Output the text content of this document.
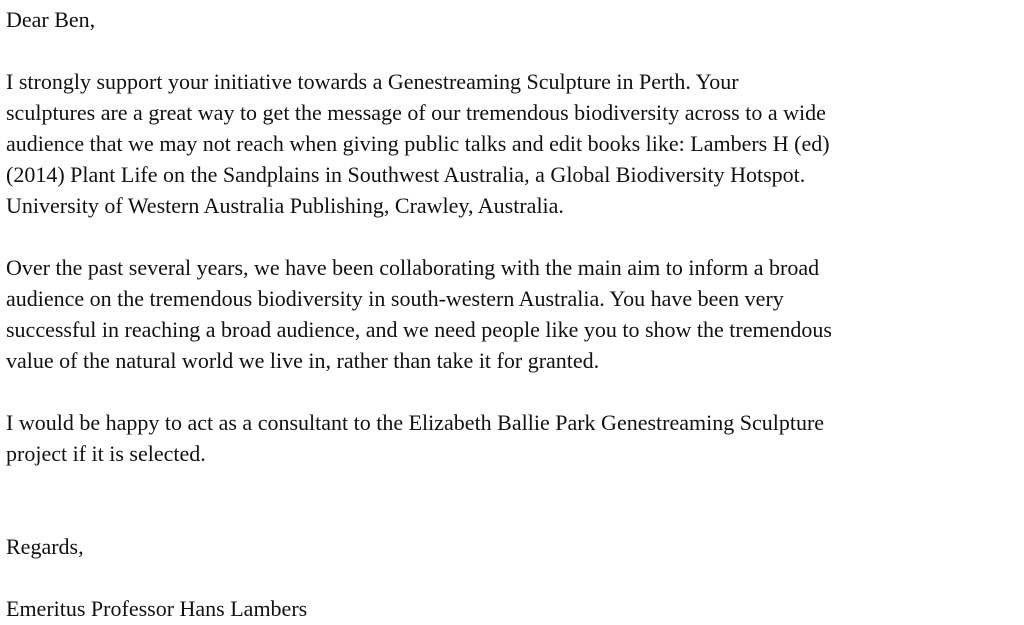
Dear Ben,
I strongly support your initiative towards a Genestreaming Sculpture in Perth. Your
sculptures are a great way to get the message of our tremendous biodiversity across to a wide
audience that we may not reach when giving public talks and edit books like: Lambers H (ed)
(2014) Plant Life on the Sandplains in Southwest Australia, a Global Biodiversity Hotspot.
University of Western Australia Publishing, Crawley, Australia.
Over the past several years, we have been collaborating with the main aim to inform a broad
audience on the tremendous biodiversity in south-western Australia. You have been very
successful in reaching a broad audience, and we need people like you to show the tremendous
value of the natural world we live in, rather than take it for granted.
I would be happy to act as a consultant to the Elizabeth Ballie Park Genestreaming Sculpture
project if it is selected.
Regards,
Emeritus Professor Hans Lambers
